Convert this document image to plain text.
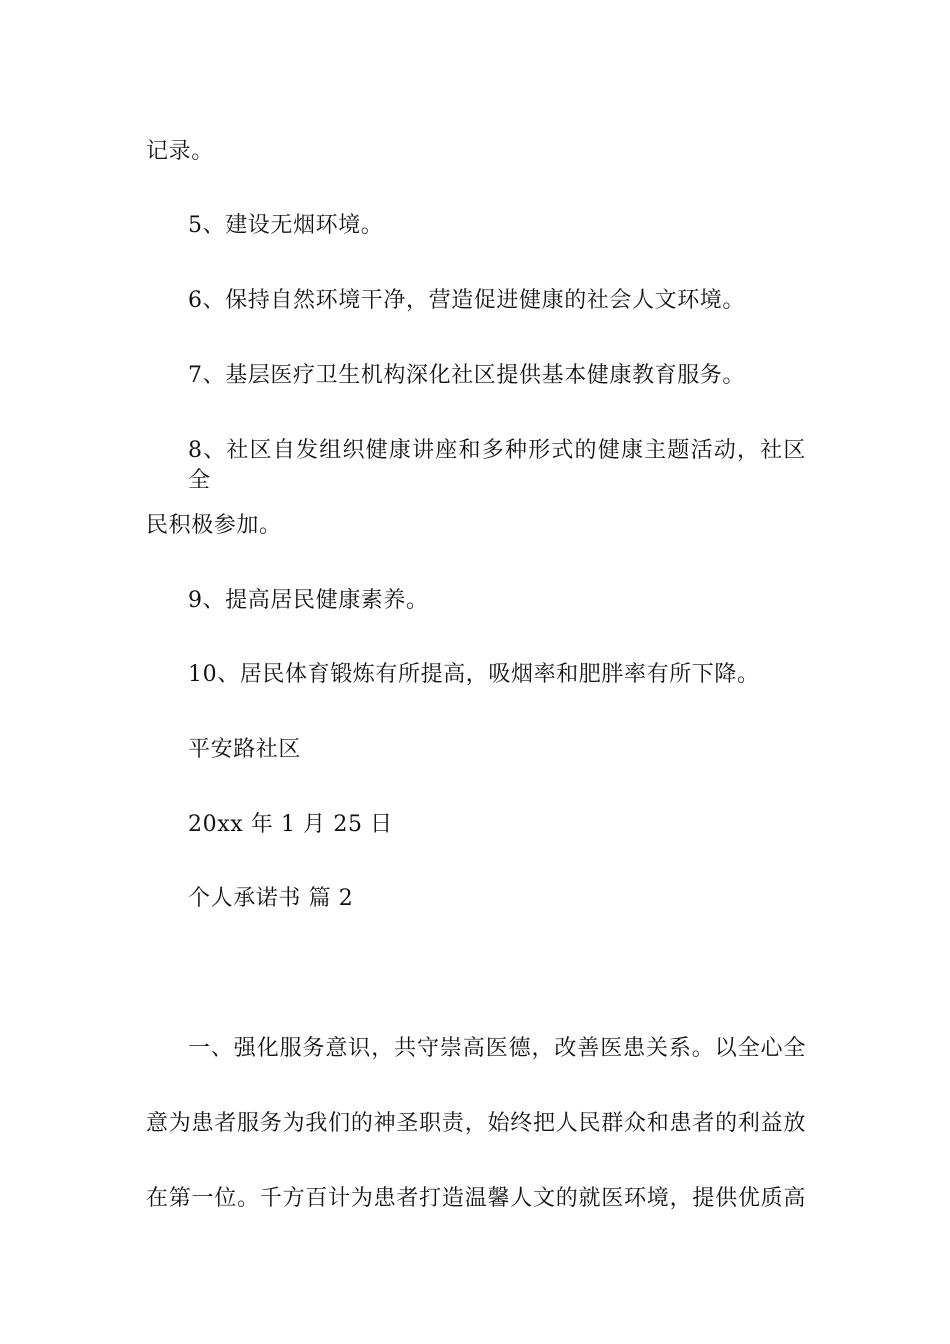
记录。
5、建设无烟环境。
6、保持自然环境干净，营造促进健康的社会人文环境。
7、基层医疗卫生机构深化社区提供基本健康教育服务。
8、社区自发组织健康讲座和多种形式的健康主题活动，社区全
民积极参加。
9、提高居民健康素养。
10、居民体育锻炼有所提高，吸烟率和肥胖率有所下降。
平安路社区
20xx 年 1 月 25 日
个人承诺书 篇 2
一、强化服务意识，共守崇高医德，改善医患关系。以全心全
意为患者服务为我们的神圣职责，始终把人民群众和患者的利益放
在第一位。千方百计为患者打造温馨人文的就医环境，提供优质高
